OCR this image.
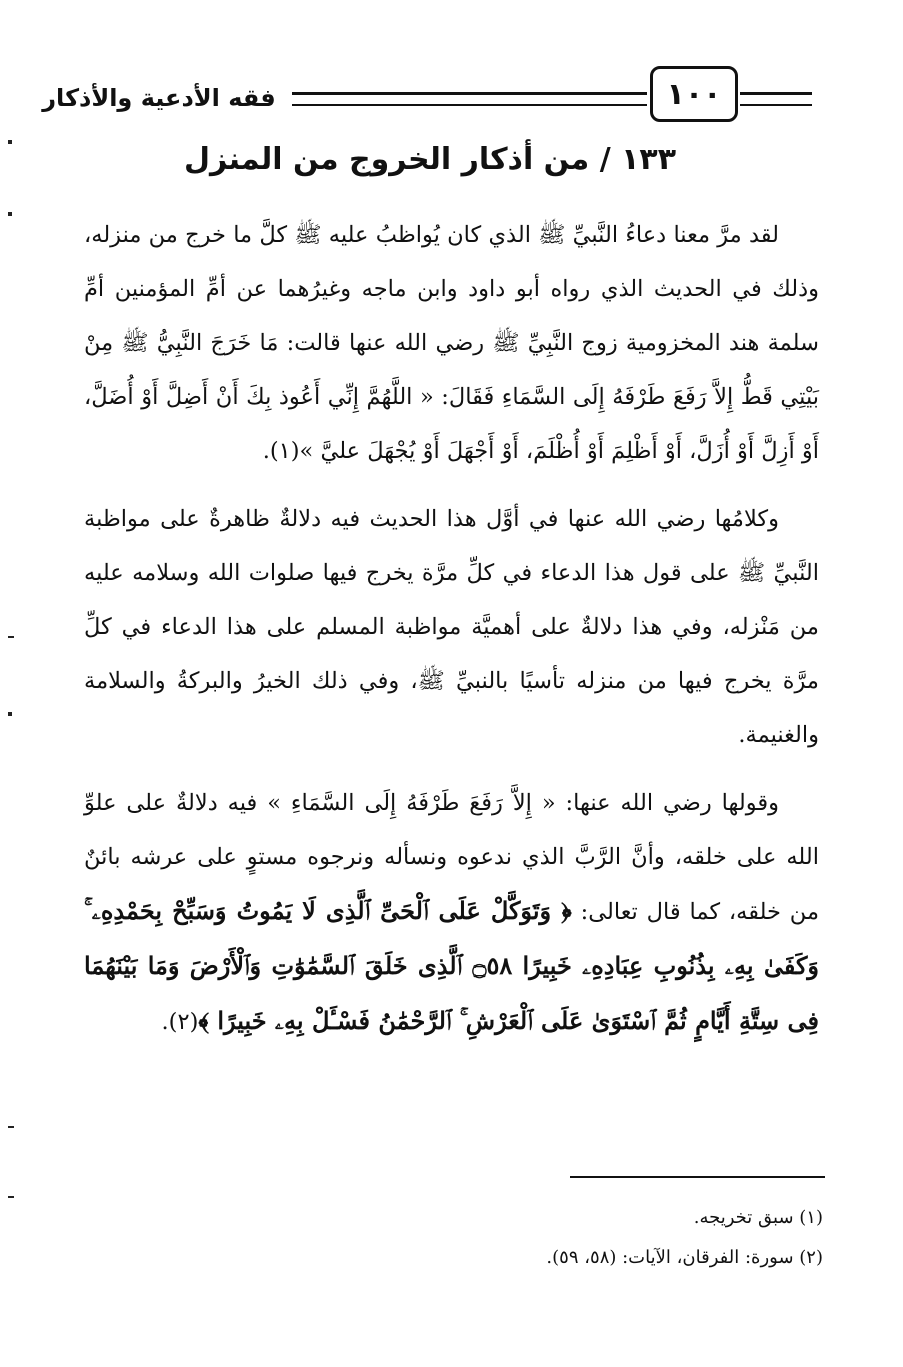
١٠٠
فقه الأدعية والأذكار
١٣٣ / من أذكار الخروج من المنزل

لقد مرَّ معنا دعاءُ النَّبيِّ ﷺ الذي كان يُواظبُ عليه ﷺ كلَّ ما خرج من منزله، وذلك في الحديث الذي رواه أبو داود وابن ماجه وغيرُهما عن أمِّ المؤمنين أمِّ سلمة هند المخزومية زوج النَّبِيِّ ﷺ رضي الله عنها قالت: مَا خَرَجَ النَّبِيُّ ﷺ مِنْ بَيْتِي قَطُّ إِلاَّ رَفَعَ طَرْفَهُ إِلَى السَّمَاءِ فَقَالَ: « اللَّهُمَّ إِنِّي أَعُوذ بِكَ أَنْ أَضِلَّ أَوْ أُضَلَّ، أَوْ أَزِلَّ أَوْ أُزَلَّ، أَوْ أَظْلِمَ أَوْ أُظْلَمَ، أَوْ أَجْهَلَ أَوْ يُجْهَلَ عليَّ »(١).

وكلامُها رضي الله عنها في أوَّل هذا الحديث فيه دلالةٌ ظاهرةٌ على مواظبة النَّبيِّ ﷺ على قول هذا الدعاء في كلِّ مرَّة يخرج فيها صلوات الله وسلامه عليه من مَنْزله، وفي هذا دلالةٌ على أهميَّة مواظبة المسلم على هذا الدعاء في كلِّ مرَّة يخرج فيها من منزله تأسيًا بالنبيِّ ﷺ، وفي ذلك الخيرُ والبركةُ والسلامة والغنيمة.

وقولها رضي الله عنها: « إِلاَّ رَفَعَ طَرْفَهُ إِلَى السَّمَاءِ » فيه دلالةٌ على علوِّ الله على خلقه، وأنَّ الرَّبَّ الذي ندعوه ونسأله ونرجوه مستوٍ على عرشه بائنٌ من خلقه، كما قال تعالى: ﴿ وَتَوَكَّلْ عَلَى ٱلْحَىِّ ٱلَّذِى لَا يَمُوتُ وَسَبِّحْ بِحَمْدِهِۦ ۚ وَكَفَىٰ بِهِۦ بِذُنُوبِ عِبَادِهِۦ خَبِيرًا ۝٥٨ ٱلَّذِى خَلَقَ ٱلسَّمَٰوَٰتِ وَٱلْأَرْضَ وَمَا بَيْنَهُمَا فِى سِتَّةِ أَيَّامٍ ثُمَّ ٱسْتَوَىٰ عَلَى ٱلْعَرْشِ ۚ ٱلرَّحْمَٰنُ فَسْـَٔلْ بِهِۦ خَبِيرًا ﴾(٢).

(١) سبق تخريجه.

(٢) سورة: الفرقان، الآيات: (٥٨، ٥٩).
